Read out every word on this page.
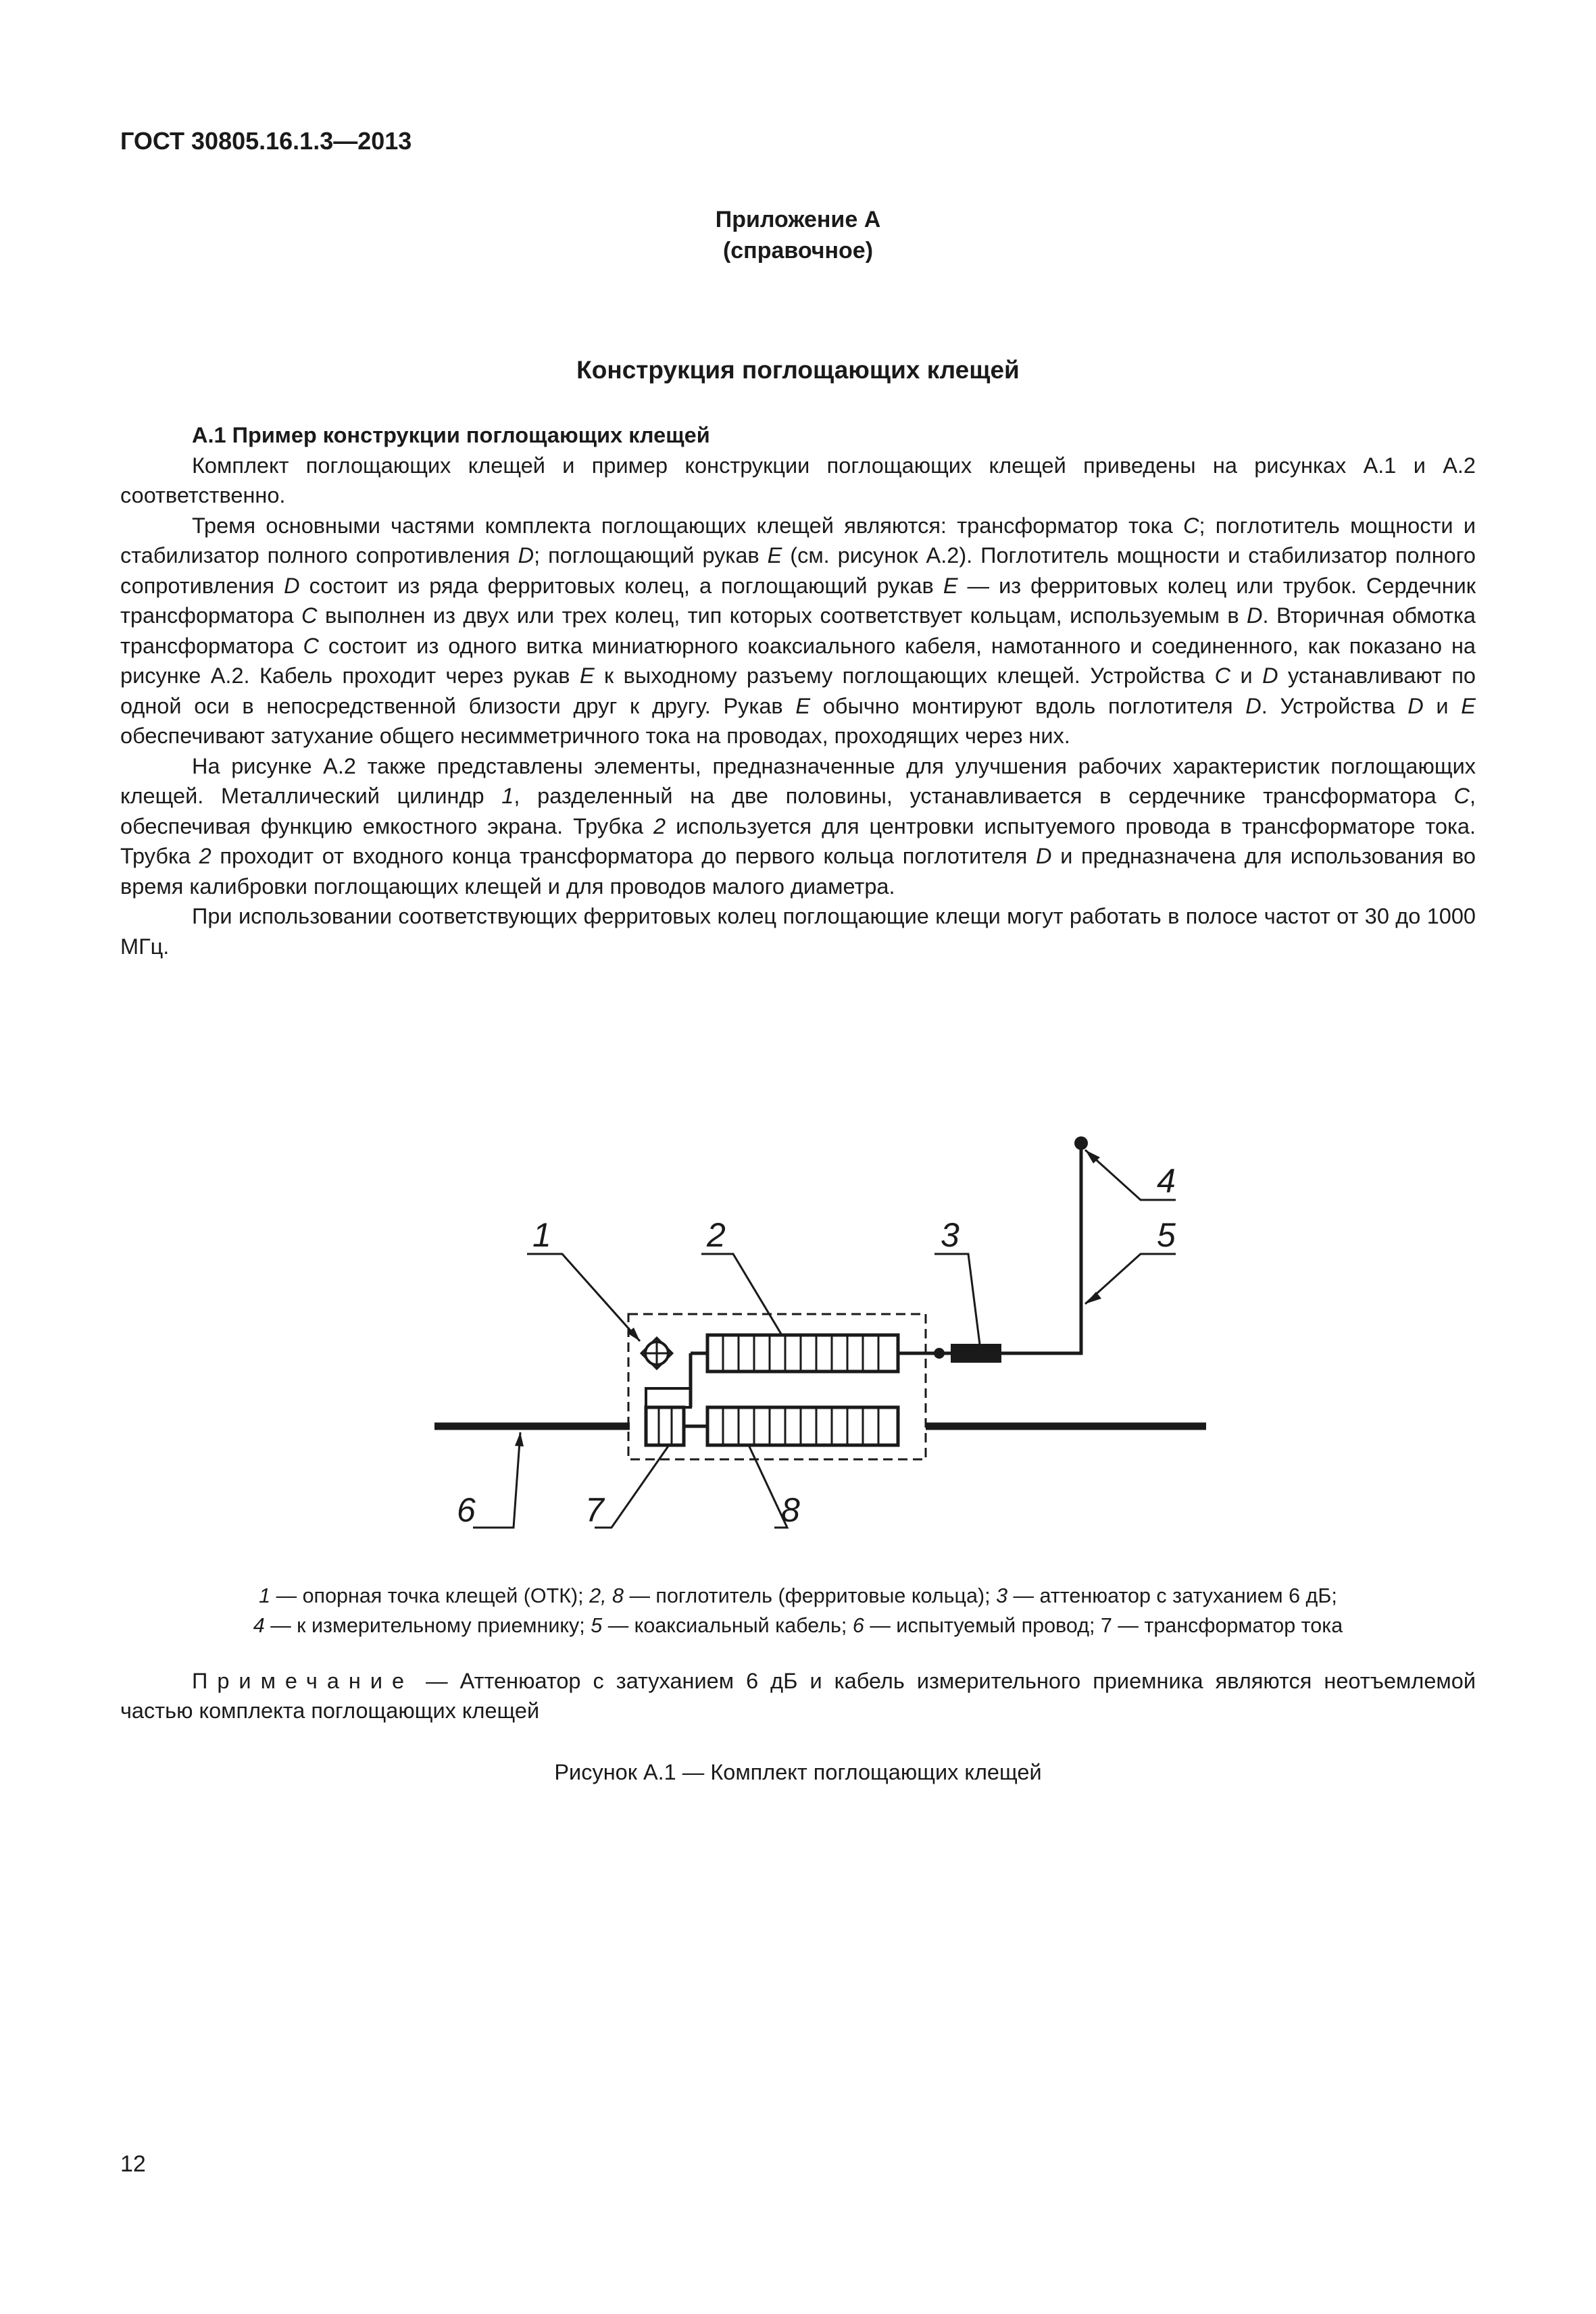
ГОСТ 30805.16.1.3—2013
Приложение А
(справочное)
Конструкция поглощающих клещей

А.1 Пример конструкции поглощающих клещей

Комплект поглощающих клещей и пример конструкции поглощающих клещей приведены на рисунках А.1 и А.2 соответственно.

Тремя основными частями комплекта поглощающих клещей являются: трансформатор тока С; поглотитель мощности и стабилизатор полного сопротивления D; поглощающий рукав Е (см. рисунок А.2). Поглотитель мощности и стабилизатор полного сопротивления D состоит из ряда ферритовых колец, а поглощающий рукав Е — из ферритовых колец или трубок. Сердечник трансформатора С выполнен из двух или трех колец, тип которых соответствует кольцам, используемым в D. Вторичная обмотка трансформатора С состоит из одного витка миниатюрного коаксиального кабеля, намотанного и соединенного, как показано на рисунке А.2. Кабель проходит через рукав Е к выходному разъему поглощающих клещей. Устройства С и D устанавливают по одной оси в непосредственной близости друг к другу. Рукав Е обычно монтируют вдоль поглотителя D. Устройства D и Е обеспечивают затухание общего несимметричного тока на проводах, проходящих через них.

На рисунке А.2 также представлены элементы, предназначенные для улучшения рабочих характеристик поглощающих клещей. Металлический цилиндр 1, разделенный на две половины, устанавливается в сердечнике трансформатора С, обеспечивая функцию емкостного экрана. Трубка 2 используется для центровки испытуемого провода в трансформаторе тока. Трубка 2 проходит от входного конца трансформатора до первого кольца поглотителя D и предназначена для использования во время калибровки поглощающих клещей и для проводов малого диаметра.

При использовании соответствующих ферритовых колец поглощающие клещи могут работать в полосе частот от 30 до 1000 МГц.

1	2	3
4
5
6	7	8
1 — опорная точка клещей (ОТК); 2, 8 — поглотитель (ферритовые кольца); 3 — аттенюатор с затуханием 6 дБ;
4 — к измерительному приемнику; 5 — коаксиальный кабель; 6 — испытуемый провод; 7 — трансформатор тока

Примечание — Аттенюатор с затуханием 6 дБ и кабель измерительного приемника являются неотъемлемой частью комплекта поглощающих клещей

Рисунок А.1 — Комплект поглощающих клещей
12
